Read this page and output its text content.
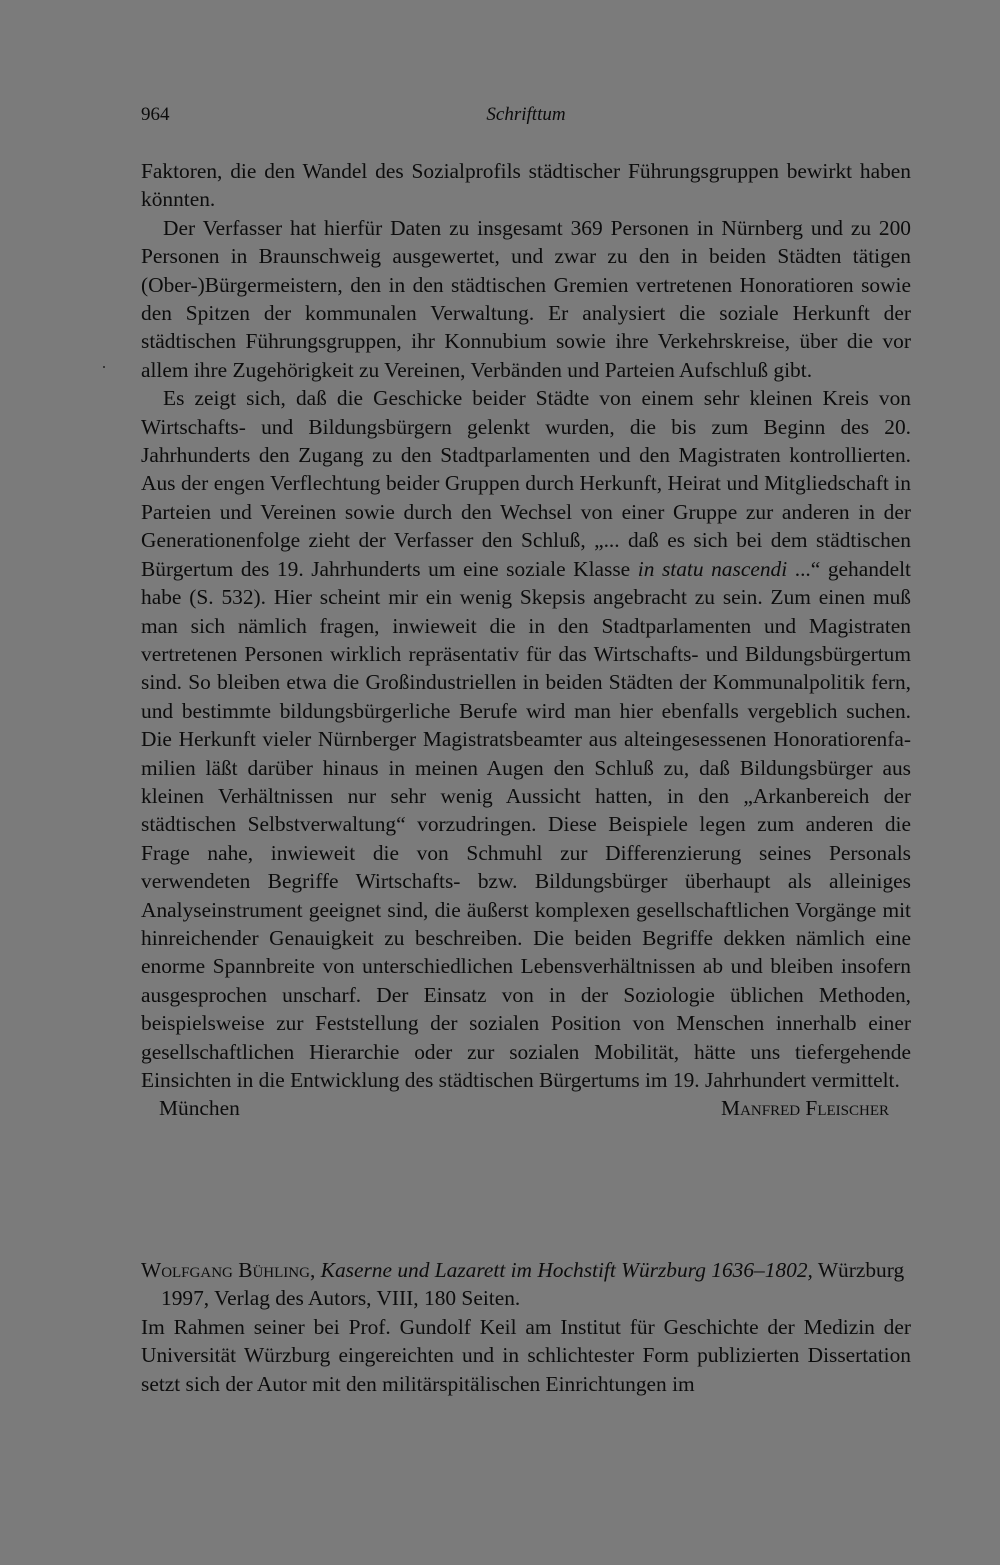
964	Schrifttum

Faktoren, die den Wandel des Sozialprofils städtischer Führungsgruppen bewirkt haben könnten.

Der Verfasser hat hierfür Daten zu insgesamt 369 Personen in Nürnberg und zu 200 Personen in Braunschweig ausgewertet, und zwar zu den in beiden Städten tätigen (Ober-)Bürgermeistern, den in den städtischen Gremien vertretenen Honoratioren sowie den Spitzen der kommunalen Verwaltung. Er analysiert die soziale Herkunft der städtischen Führungsgruppen, ihr Konnubium sowie ihre Verkehrskreise, über die vor allem ihre Zugehörigkeit zu Vereinen, Verbänden und Parteien Aufschluß gibt.

Es zeigt sich, daß die Geschicke beider Städte von einem sehr kleinen Kreis von Wirtschafts- und Bildungsbürgern gelenkt wurden, die bis zum Beginn des 20. Jahrhunderts den Zugang zu den Stadtparlamenten und den Magistraten kontrollierten. Aus der engen Verflechtung beider Gruppen durch Herkunft, Heirat und Mitgliedschaft in Parteien und Vereinen sowie durch den Wechsel von einer Gruppe zur anderen in der Generationenfolge zieht der Verfasser den Schluß, „... daß es sich bei dem städtischen Bürgertum des 19. Jahrhunderts um eine soziale Klasse in statu nascendi ...“ gehandelt habe (S. 532). Hier scheint mir ein wenig Skepsis angebracht zu sein. Zum einen muß man sich nämlich fragen, inwieweit die in den Stadtparlamenten und Magistraten vertretenen Personen wirklich repräsentativ für das Wirtschafts- und Bildungsbürgertum sind. So bleiben etwa die Großindustriellen in beiden Städten der Kommunalpolitik fern, und bestimmte bildungsbürgerliche Berufe wird man hier ebenfalls vergeblich suchen. Die Herkunft vieler Nürnberger Magistratsbeamter aus alteingesessenen Honoratiorenfamilien läßt darüber hinaus in meinen Augen den Schluß zu, daß Bildungsbürger aus kleinen Verhältnissen nur sehr wenig Aussicht hatten, in den „Arkanbereich der städtischen Selbstverwaltung“ vorzudringen. Diese Beispiele legen zum anderen die Frage nahe, inwieweit die von Schmuhl zur Differenzierung seines Personals verwendeten Begriffe Wirtschafts- bzw. Bildungsbürger überhaupt als alleiniges Analyseinstrument geeignet sind, die äußerst komplexen gesellschaftlichen Vorgänge mit hinreichender Genauigkeit zu beschreiben. Die beiden Begriffe dekken nämlich eine enorme Spannbreite von unterschiedlichen Lebensverhältnissen ab und bleiben insofern ausgesprochen unscharf. Der Einsatz von in der Soziologie üblichen Methoden, beispielsweise zur Feststellung der sozialen Position von Menschen innerhalb einer gesellschaftlichen Hierarchie oder zur sozialen Mobilität, hätte uns tiefergehende Einsichten in die Entwicklung des städtischen Bürgertums im 19. Jahrhundert vermittelt.

München	Manfred Fleischer

Wolfgang Bühling, Kaserne und Lazarett im Hochstift Würzburg 1636–1802, Würzburg 1997, Verlag des Autors, VIII, 180 Seiten.

Im Rahmen seiner bei Prof. Gundolf Keil am Institut für Geschichte der Medizin der Universität Würzburg eingereichten und in schlichtester Form publizierten Dissertation setzt sich der Autor mit den militärspitälischen Einrichtungen im
